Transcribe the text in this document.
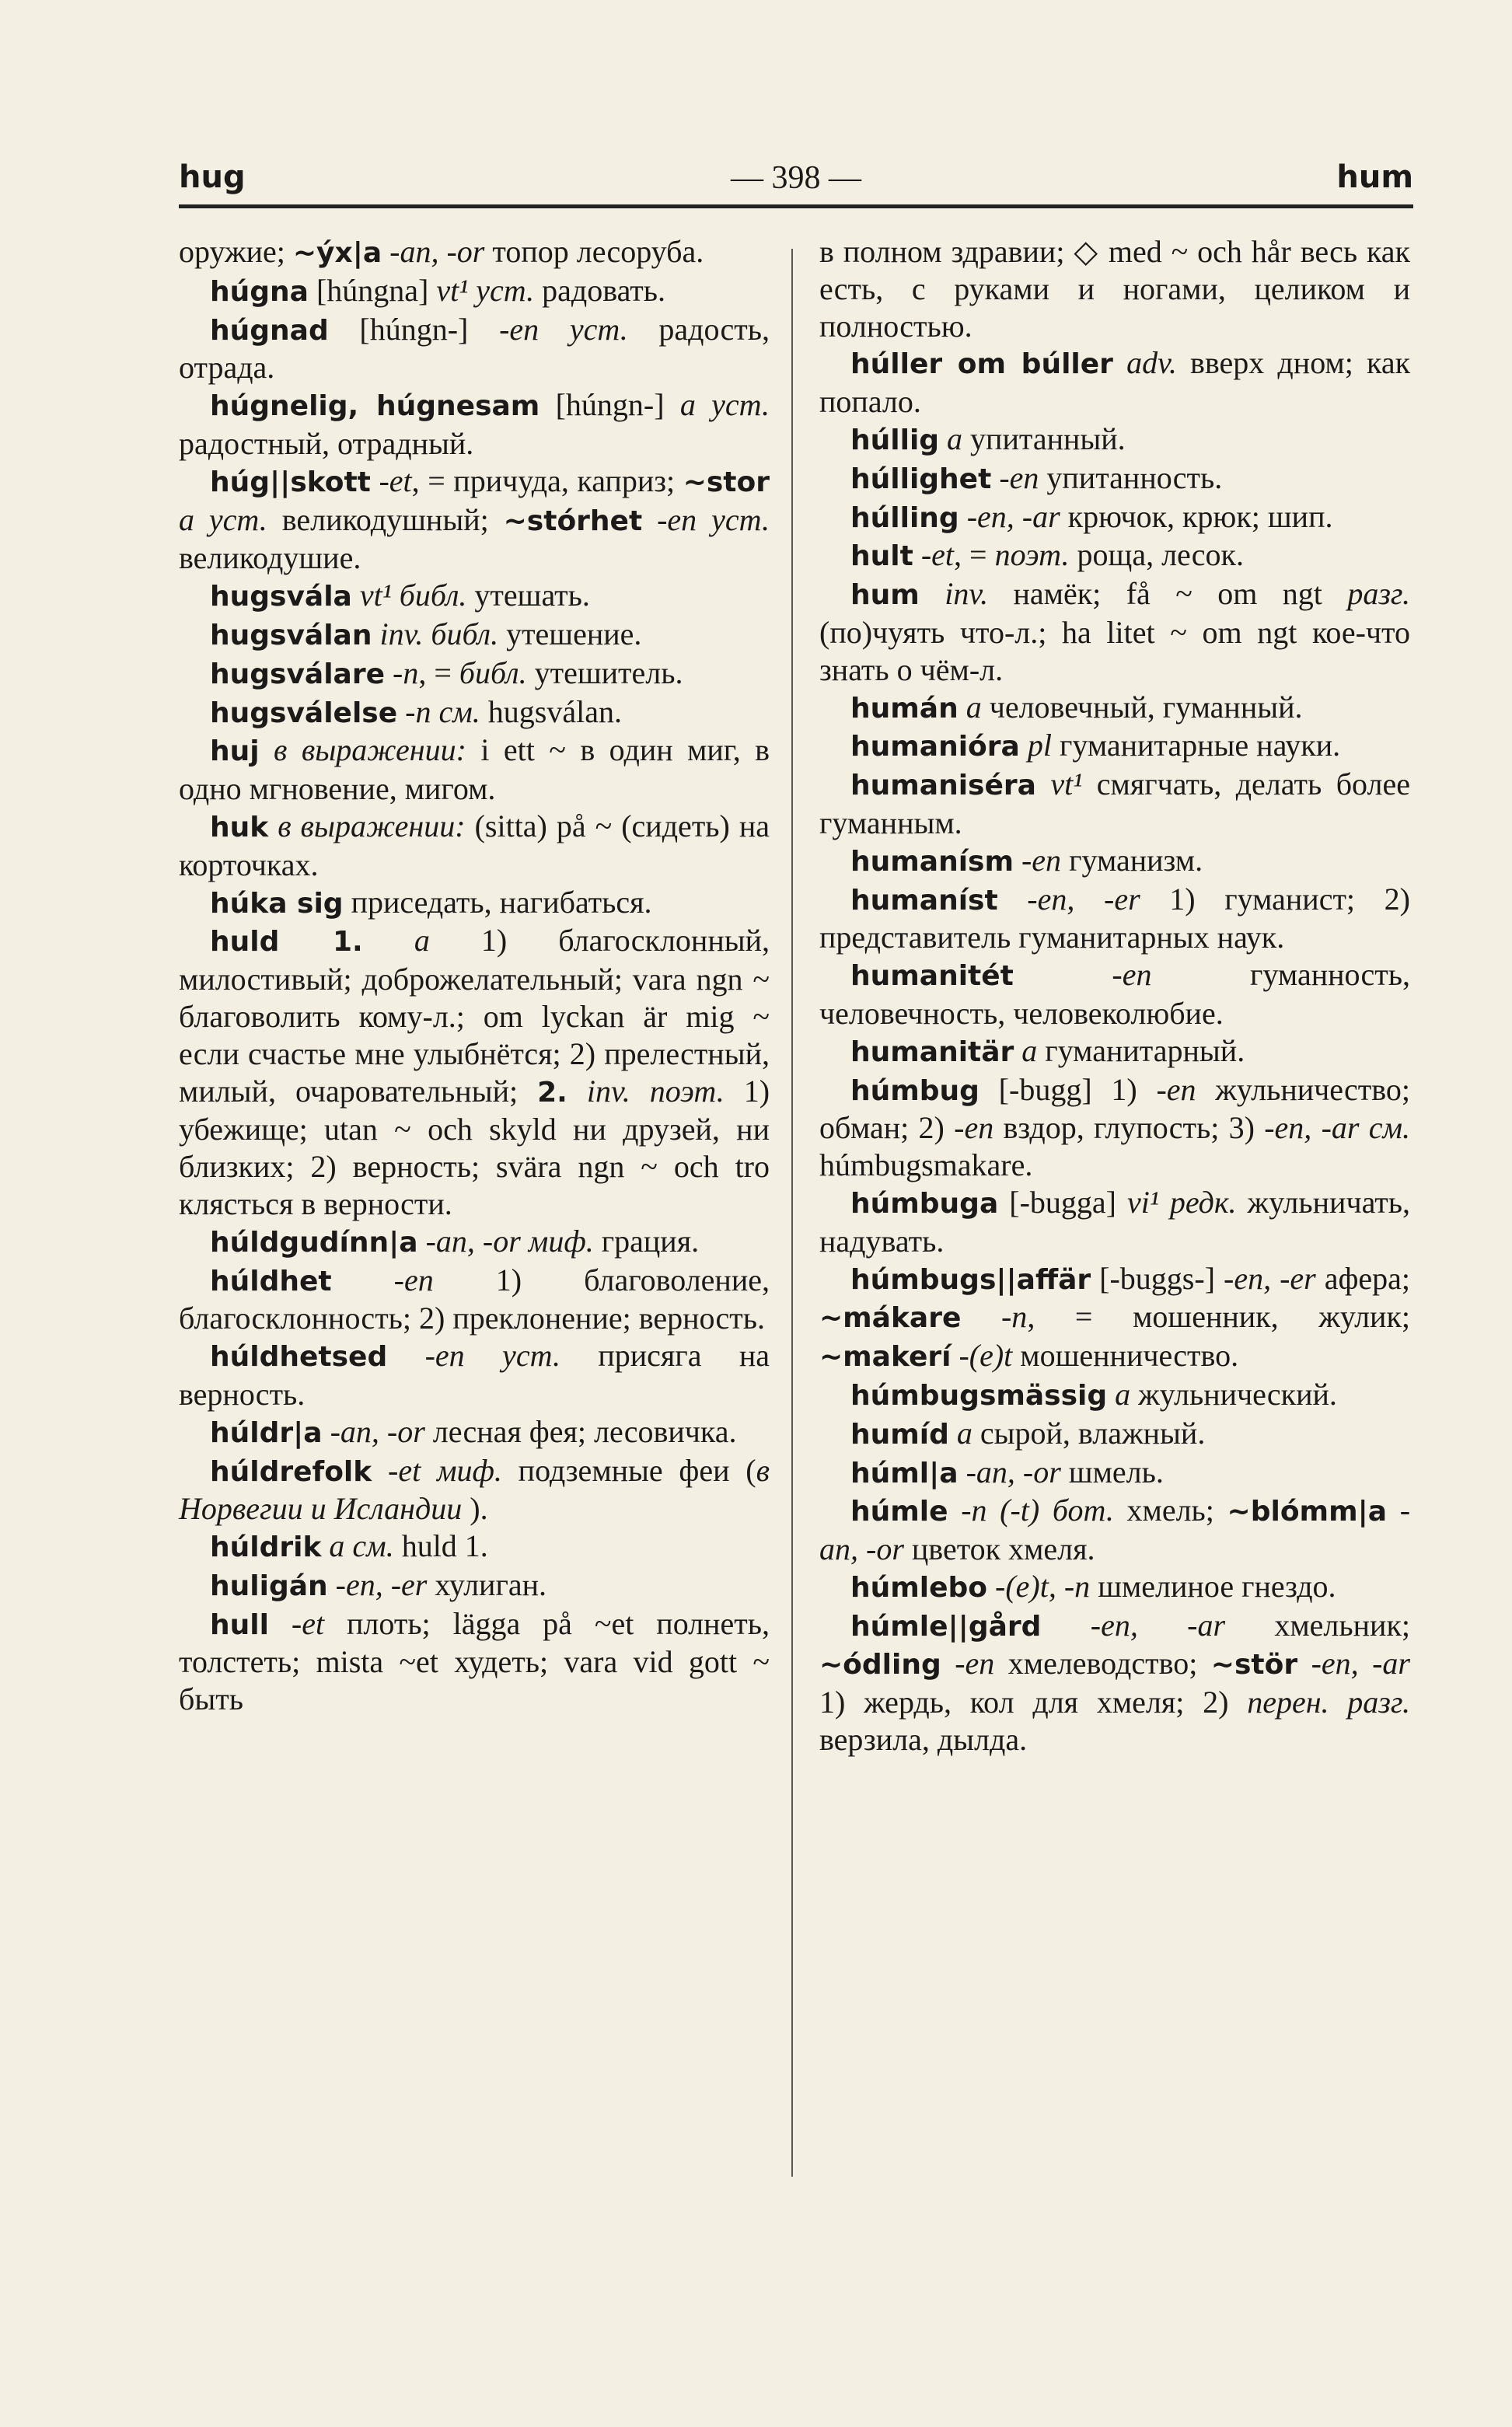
hug	— 398 —	hum

оружие; ~ýx|a -an, -or топор лесоруба.

húgna [húngna] vt¹ уст. радовать.

húgnad [húngn-] -en уст. радость, отрада.

húgnelig, húgnesam [húngn-] a уст. радостный, отрадный.

húg||skott -et, = причуда, каприз; ~stor a уст. великодушный; ~stórhet -en уст. великодушие.

hugsvála vt¹ библ. утешать.

hugsválan inv. библ. утешение.

hugsválare -n, = библ. утешитель.

hugsválelse -n см. hugsválan.

huj в выражении: i ett ~ в один миг, в одно мгновение, мигом.

huk в выражении: (sitta) på ~ (сидеть) на корточках.

húka sig приседать, нагибаться.

huld 1. a 1) благосклонный, милостивый; доброжелательный; vara ngn ~ благоволить кому-л.; om lyckan är mig ~ если счастье мне улыбнётся; 2) прелестный, милый, очаровательный; 2. inv. поэт. 1) убежище; utan ~ och skyld ни друзей, ни близких; 2) верность; svära ngn ~ och tro клясться в верности.

húldgudínn|a -an, -or миф. грация.

húldhet -en 1) благоволение, благосклонность; 2) преклонение; верность.

húldhetsed -en уст. присяга на верность.

húldr|a -an, -or лесная фея; лесовичка.

húldrefolk -et миф. подземные феи (в Норвегии и Исландии ).

húldrik a см. huld 1.

huligán -en, -er хулиган.

hull -et плоть; lägga på ~et полнеть, толстеть; mista ~et худеть; vara vid gott ~ быть

в полном здравии; ◇ med ~ och hår весь как есть, с руками и ногами, целиком и полностью.

húller om búller adv. вверх дном; как попало.

húllig a упитанный.

húllighet -en упитанность.

húlling -en, -ar крючок, крюк; шип.

hult -et, = поэт. роща, лесок.

hum inv. намёк; få ~ om ngt разг. (по)чуять что-л.; ha litet ~ om ngt кое-что знать о чём-л.

humán a человечный, гуманный.

humanióra pl гуманитарные науки.

humaniséra vt¹ смягчать, делать более гуманным.

humanísm -en гуманизм.

humaníst -en, -er 1) гуманист; 2) представитель гуманитарных наук.

humanitét	-en гуманность, человечность, человеколюбие.

humanitär a гуманитарный.

húmbug [-bugg] 1) -en жульничество; обман; 2) -en вздор, глупость; 3) -en, -ar см. húmbugsmakare.

húmbuga [-bugga] vi¹ редк. жульничать, надувать.

húmbugs||affär [-buggs-] -en, -er афера; ~mákare -n, = мошенник, жулик; ~makerí -(e)t мошенничество.

húmbugsmässig a жульнический.

humíd a сырой, влажный.

húml|a -an, -or шмель.

húmle -n (-t) бот. хмель; ~blómm|a -an, -or цветок хмеля.

húmlebo -(e)t, -n шмелиное гнездо.

húmle||gård -en, -ar хмельник; ~ódling -en хмелеводство; ~stör -en, -ar 1) жердь, кол для хмеля; 2) перен. разг. верзила, дылда.
